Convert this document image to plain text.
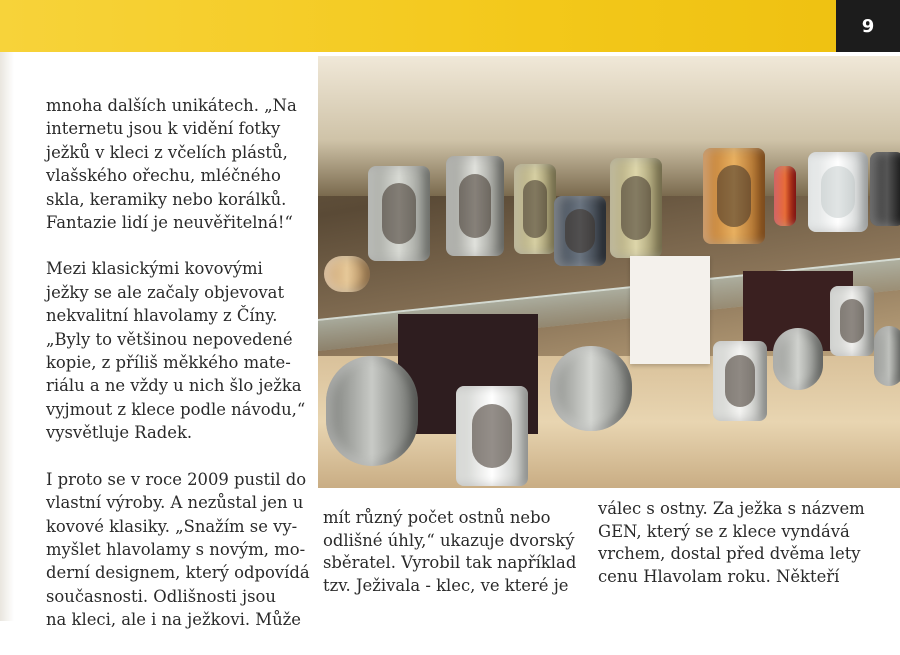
9
mnoha dalších unikátech. „Na
internetu jsou k vidění fotky
ježků v kleci z včelích plástů,
vlašského ořechu, mléčného
skla, keramiky nebo korálků.
Fantazie lidí je neuvěřitelná!“
Mezi klasickými kovovými
ježky se ale začaly objevovat
nekvalitní hlavolamy z Číny.
„Byly to většinou nepovedené
kopie, z příliš měkkého mate-
riálu a ne vždy u nich šlo ježka
vyjmout z klece podle návodu,“
vysvětluje Radek.
I proto se v roce 2009 pustil do
vlastní výroby. A nezůstal jen u
kovové klasiky. „Snažím se vy-
myšlet hlavolamy s novým, mo-
derní designem, který odpovídá
současnosti. Odlišnosti jsou
na kleci, ale i na ježkovi. Může
mít různý počet ostnů nebo
odlišné úhly,“ ukazuje dvorský
sběratel. Vyrobil tak například
tzv. Ježivala - klec, ve které je
válec s ostny. Za ježka s názvem
GEN, který se z klece vyndává
vrchem, dostal před dvěma lety
cenu Hlavolam roku. Někteří
